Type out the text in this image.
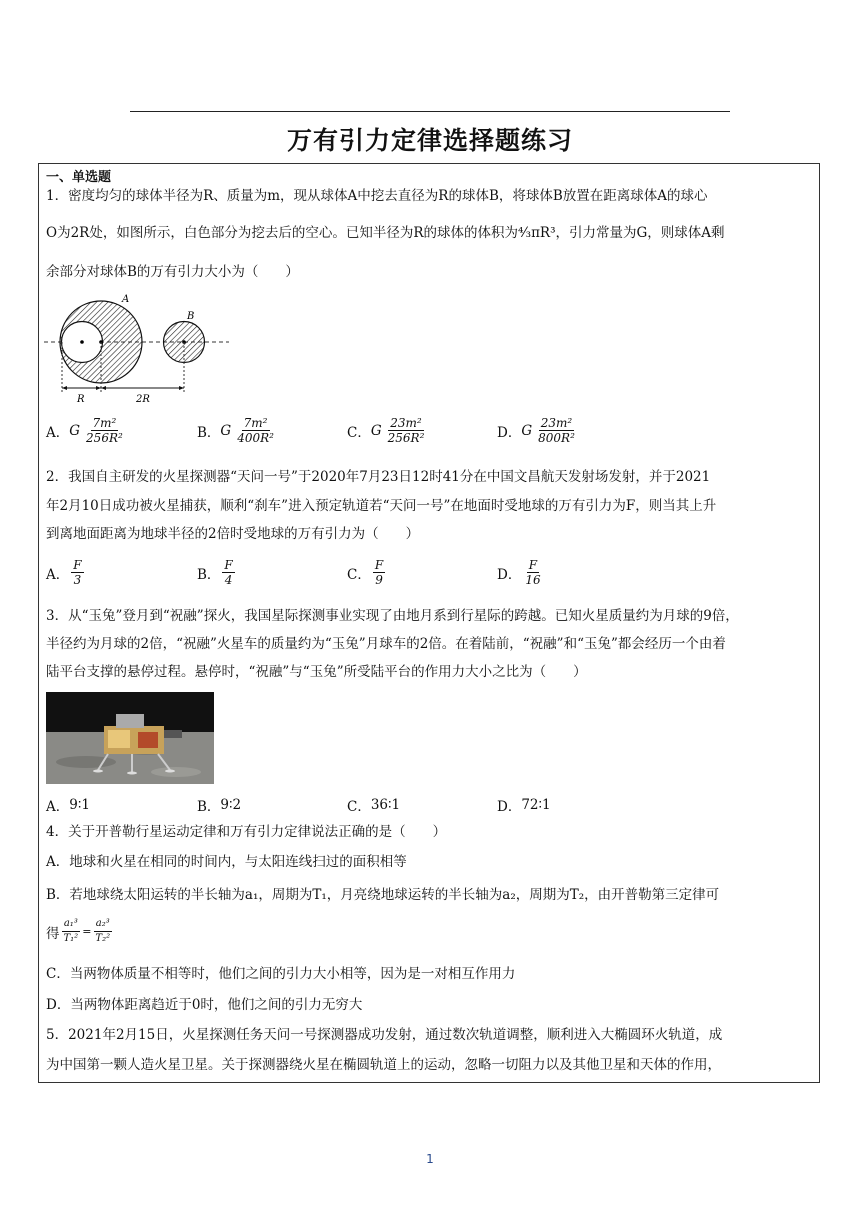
万有引力定律选择题练习
一、单选题
1．密度均匀的球体半径为R、质量为m，现从球体A中挖去直径为R的球体B，将球体B放置在距离球体A的球心
O为2R处，如图所示，白色部分为挖去后的空心。已知半径为R的球体的体积为⁴⁄₃πR³，引力常量为G，则球体A剩
余部分对球体B的万有引力大小为（　　）
A
B
R	2R
A． G $\frac{\text{7m²}}{\text{256R²}}$	B． G $\frac{\text{7m²}}{\text{400R²}}$	C． G $\frac{\text{23m²}}{\text{256R²}}$	D． G $\frac{\text{23m²}}{\text{800R²}}$
2．我国自主研发的火星探测器“天问一号”于2020年7月23日12时41分在中国文昌航天发射场发射，并于2021
年2月10日成功被火星捕获，顺利“刹车”进入预定轨道若“天问一号”在地面时受地球的万有引力为F，则当其上升
到离地面距离为地球半径的2倍时受地球的万有引力为（　　）
A． $\frac{F}{3}$	B． $\frac{F}{4}$	C． $\frac{F}{9}$	D． $\frac{F}{16}$
3．从“玉兔”登月到“祝融”探火，我国星际探测事业实现了由地月系到行星际的跨越。已知火星质量约为月球的9倍，
半径约为月球的2倍，“祝融”火星车的质量约为“玉兔”月球车的2倍。在着陆前，“祝融”和“玉兔”都会经历一个由着
陆平台支撑的悬停过程。悬停时，“祝融”与“玉兔”所受陆平台的作用力大小之比为（　　）
A． 9∶1	B． 9∶2	C． 36∶1	D． 72∶1
4．关于开普勒行星运动定律和万有引力定律说法正确的是（　　）
A．地球和火星在相同的时间内，与太阳连线扫过的面积相等
B．若地球绕太阳运转的半长轴为a₁，周期为T₁，月亮绕地球运转的半长轴为a₂，周期为T₂，由开普勒第三定律可
得 $\frac{\text{a₁³}}{\text{T₁²}} = \frac{\text{a₂³}}{\text{T₂²}}$
C．当两物体质量不相等时，他们之间的引力大小相等，因为是一对相互作用力
D．当两物体距离趋近于0时，他们之间的引力无穷大
5．2021年2月15日，火星探测任务天问一号探测器成功发射，通过数次轨道调整，顺利进入大椭圆环火轨道，成
为中国第一颗人造火星卫星。关于探测器绕火星在椭圆轨道上的运动，忽略一切阻力以及其他卫星和天体的作用，
1
